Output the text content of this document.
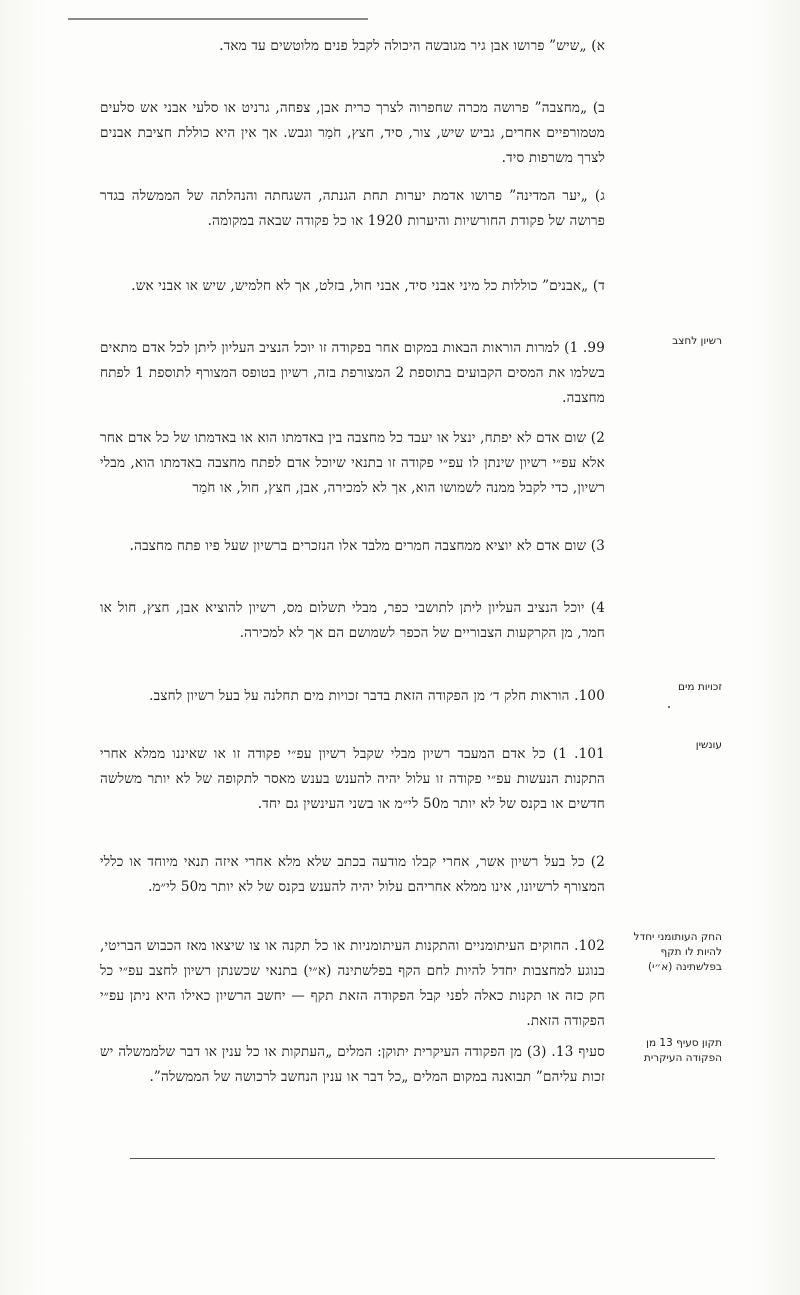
א) „שיש” פרושו אבן גיר מגובשה היכולה לקבל פנים מלוטשים עד מאד.
ב) „מחצבה” פרושה מכרה שחפרוה לצרך כרית אבן, צפחה, גרניט או סלעי אבני אש סלעים מטמורפיים אחרים, גביש שיש, צור, סיד, חצץ, חֹמַר וגבש. אך אין היא כוללת חציבת אבנים לצרך משרפות סיד.
ג) „יער המדינה” פרושו אדמת יערות תחת הגנתה, השגחתה והנהלתה של הממשלה בגדר פרושה של פקודת החורשיות והיערות 1920 או כל פקודה שבאה במקומה.
ד) „אבנים” כוללות כל מיני אבני סיד, אבני חול, בזלט, אך לא חלמיש, שיש או אבני אש.
רשיון לחצב
99. 1) למרות הוראות הבאות במקום אחר בפקודה זו יוכל הנציב העליון ליתן לכל אדם מתאים בשלמו את המסים הקבועים בתוספת 2 המצורפת בזה, רשיון בטופס המצורף לתוספת 1 לפתח מחצבה.
2) שום אדם לא יפתח, ינצל או יעבד כל מחצבה בין באדמתו הוא או באדמתו של כל אדם אחר אלא עפ״י רשיון שינתן לו עפ״י פקודה זו בתנאי שיוכל אדם לפתח מחצבה באדמתו הוא, מבלי רשיון, כדי לקבל ממנה לשמושו הוא, אך לא למכירה, אבן, חצץ, חול, או חֹמַר
3) שום אדם לא יוציא ממחצבה חמרים מלבד אלו הנזכרים ברשיון שעל פיו פתח מחצבה.
4) יוכל הנציב העליון ליתן לתושבי כפר, מבלי תשלום מס, רשיון להוציא אבן, חצץ, חול או חמר, מן הקרקעות הצבוריים של הכפר לשמושם הם אך לא למכירה.
זכויות מים
100. הוראות חלק ד׳ מן הפקודה הזאת בדבר זכויות מים תחלנה על בעל רשיון לחצב.
עונשין
101. 1) כל אדם המעבד רשיון מבלי שקבל רשיון עפ״י פקודה זו או שאיננו ממלא אחרי התקנות הנעשות עפ״י פקודה זו עלול יהיה להענש בענש מאסר לתקופה של לא יותר משלשה חדשים או בקנס של לא יותר מ50 לי״מ או בשני העינשין גם יחד.
2) כל בעל רשיון אשר, אחרי קבלו מודעה בכתב שלא מלא אחרי איזה תנאי מיוחד או כללי המצורף לרשיונו, אינו ממלא אחריהם עלול יהיה להענש בקנס של לא יותר מ50 לי״מ.
החק העותומני יחדל להיות לו תקף בפלשתינה (א״י)
102. החוקים העיתומניים והתקנות העיתומניות או כל תקנה או צו שיצאו מאז הכבוש הבריטי, בנוגע למחצבות יחדל להיות לחם הקף בפלשתינה (א״י) בתנאי שכשנתן רשיון לחצב עפ״י כל חק כזה או תקנות כאלה לפני קבל הפקודה הזאת תקף — יחשב הרשיון כאילו היא ניתן עפ״י הפקודה הזאת.
תקון סעיף 13 מן הפקודה העיקרית
סעיף 13. (3) מן הפקודה העיקרית יתוקן: המלים „העתקות או כל ענין או דבר שלממשלה יש זכות עליהם” תבואנה במקום המלים „כל דבר או ענין הנחשב לרכושה של הממשלה”.
